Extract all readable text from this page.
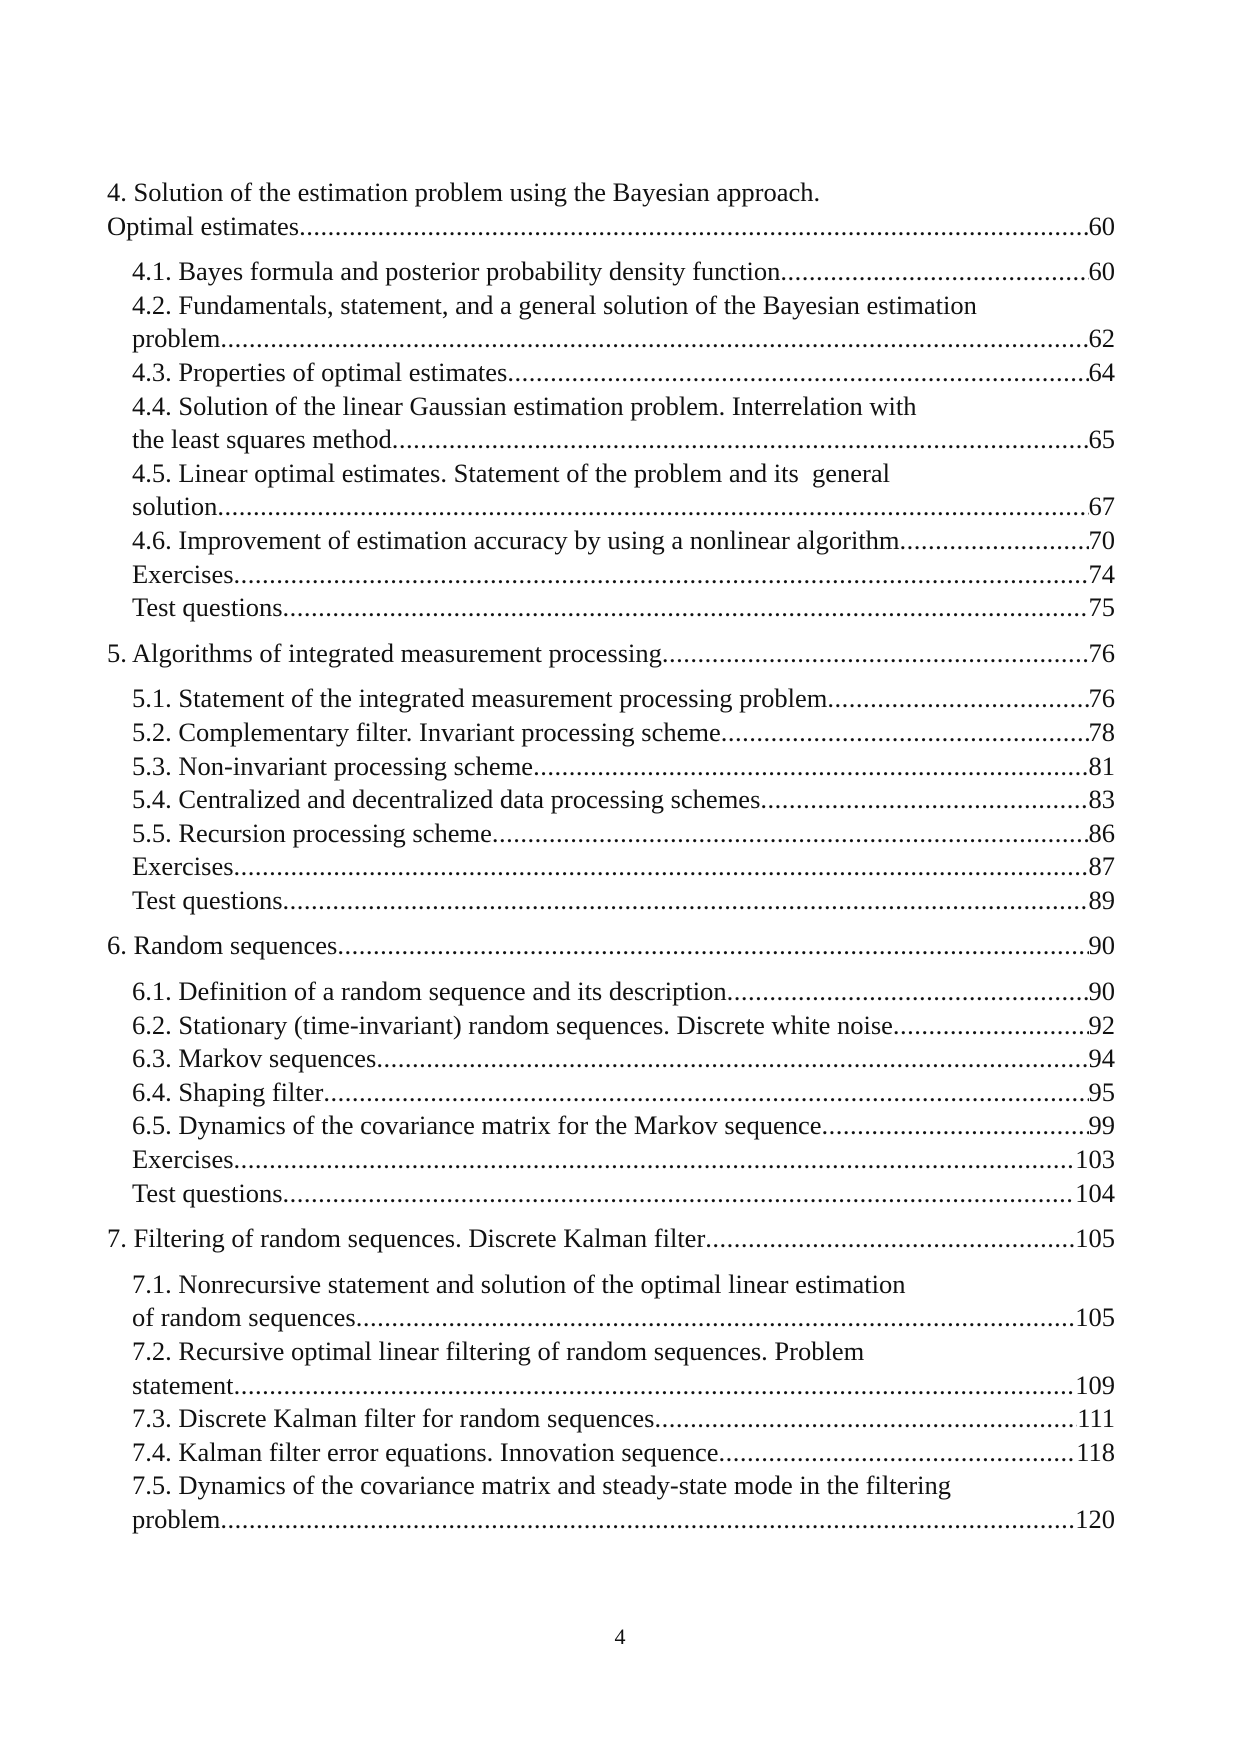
4. Solution of the estimation problem using the Bayesian approach.
Optimal estimates .....	60
4.1. Bayes formula and posterior probability density function .....	60
4.2. Fundamentals, statement, and a general solution of the Bayesian estimation
problem .....	62
4.3. Properties of optimal estimates .....	64
4.4. Solution of the linear Gaussian estimation problem. Interrelation with
the least squares method .....	65
4.5. Linear optimal estimates. Statement of the problem and its  general
solution .....	67
4.6. Improvement of estimation accuracy by using a nonlinear algorithm .....	70
Exercises .....	74
Test questions .....	75
5. Algorithms of integrated measurement processing .....	76
5.1. Statement of the integrated measurement processing problem .....	76
5.2. Complementary filter. Invariant processing scheme .....	78
5.3. Non-invariant processing scheme .....	81
5.4. Centralized and decentralized data processing schemes .....	83
5.5. Recursion processing scheme .....	86
Exercises .....	87
Test questions .....	89
6. Random sequences .....	90
6.1. Definition of a random sequence and its description .....	90
6.2. Stationary (time-invariant) random sequences. Discrete white noise .....	92
6.3. Markov sequences .....	94
6.4. Shaping filter .....	95
6.5. Dynamics of the covariance matrix for the Markov sequence .....	99
Exercises .....	103
Test questions .....	104
7. Filtering of random sequences. Discrete Kalman filter .....	105
7.1. Nonrecursive statement and solution of the optimal linear estimation
of random sequences .....	105
7.2. Recursive optimal linear filtering of random sequences. Problem
statement .....	109
7.3. Discrete Kalman filter for random sequences .....	111
7.4. Kalman filter error equations. Innovation sequence .....	118
7.5. Dynamics of the covariance matrix and steady-state mode in the filtering
problem .....	120
4
